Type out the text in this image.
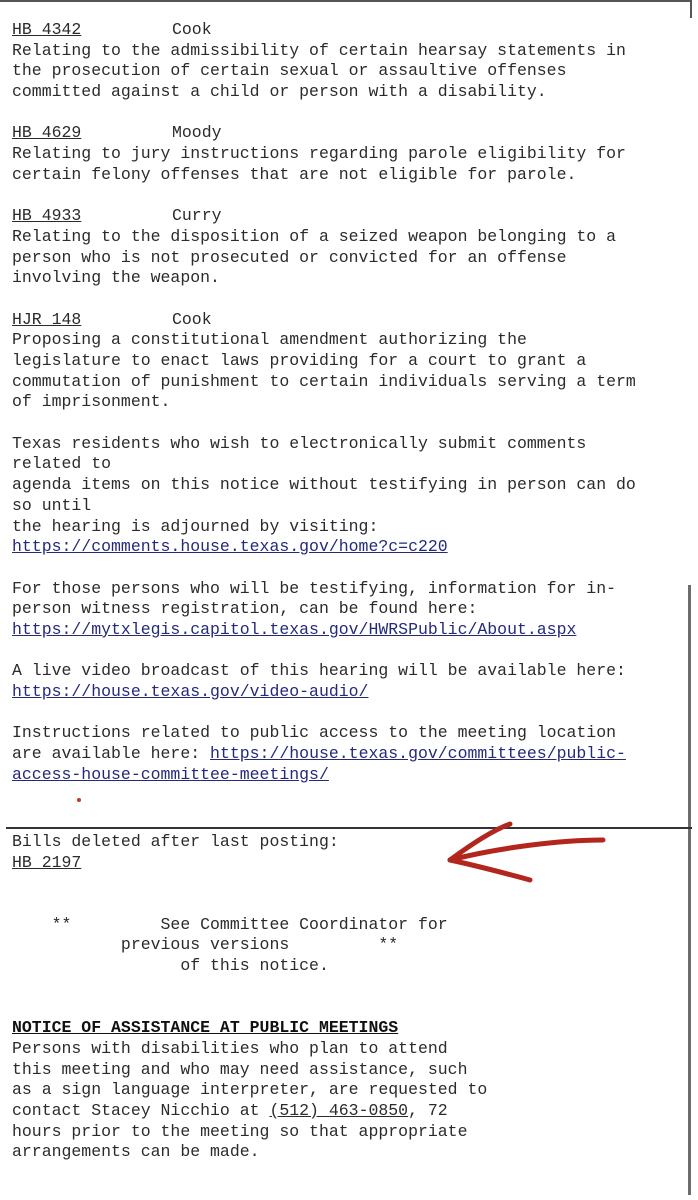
HB 4342	Cook
Relating to the admissibility of certain hearsay statements in
the prosecution of certain sexual or assaultive offenses
committed against a child or person with a disability.
HB 4629	Moody
Relating to jury instructions regarding parole eligibility for
certain felony offenses that are not eligible for parole.
HB 4933	Curry
Relating to the disposition of a seized weapon belonging to a
person who is not prosecuted or convicted for an offense
involving the weapon.
HJR 148	Cook
Proposing a constitutional amendment authorizing the
legislature to enact laws providing for a court to grant a
commutation of punishment to certain individuals serving a term
of imprisonment.
Texas residents who wish to electronically submit comments
related to
agenda items on this notice without testifying in person can do
so until
the hearing is adjourned by visiting:
https://comments.house.texas.gov/home?c=c220
For those persons who will be testifying, information for in-
person witness registration, can be found here:
https://mytxlegis.capitol.texas.gov/HWRSPublic/About.aspx
A live video broadcast of this hearing will be available here:
https://house.texas.gov/video-audio/
Instructions related to public access to the meeting location
are available here: https://house.texas.gov/committees/public-
access-house-committee-meetings/
Bills deleted after last posting:
HB 2197
**         See Committee Coordinator for
previous versions         **
of this notice.
NOTICE OF ASSISTANCE AT PUBLIC MEETINGS
Persons with disabilities who plan to attend
this meeting and who may need assistance, such
as a sign language interpreter, are requested to
contact Stacey Nicchio at (512) 463-0850, 72
hours prior to the meeting so that appropriate
arrangements can be made.
